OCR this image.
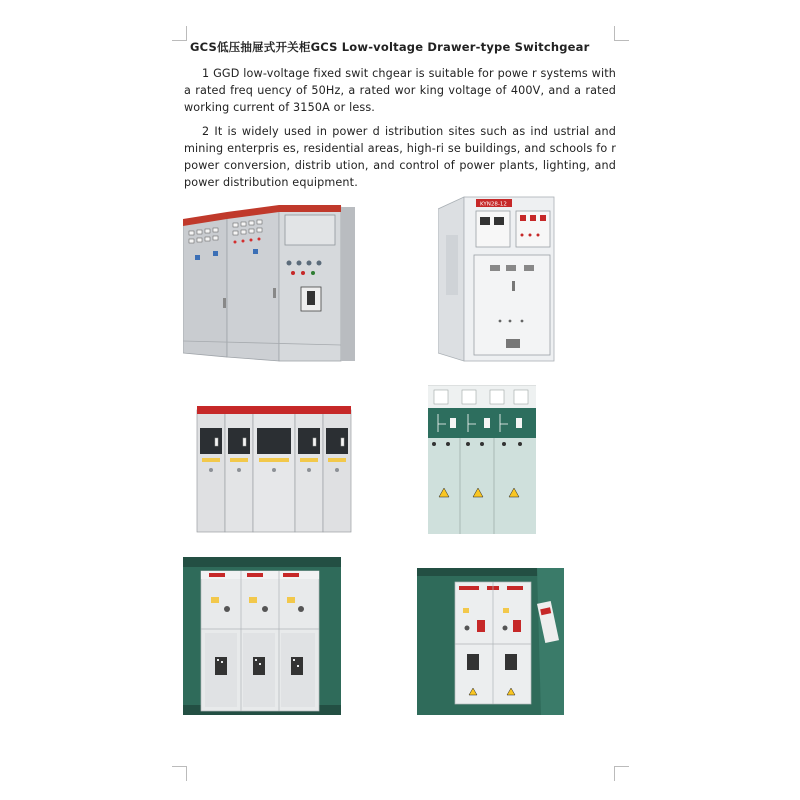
GCS低压抽屉式开关柜GCS Low-voltage Drawer-type Switchgear

1 GGD low-voltage fixed swit chgear is suitable for powe r systems with a rated freq uency of 50Hz, a rated wor king voltage of 400V, and a rated working current of 3150A or less.

2 It is widely used in power d istribution sites such as ind ustrial and mining enterpris es, residential areas, high-ri se buildings, and schools fo r power conversion, distrib ution, and control of power plants, lighting, and power distribution equipment.

KYN28-12
